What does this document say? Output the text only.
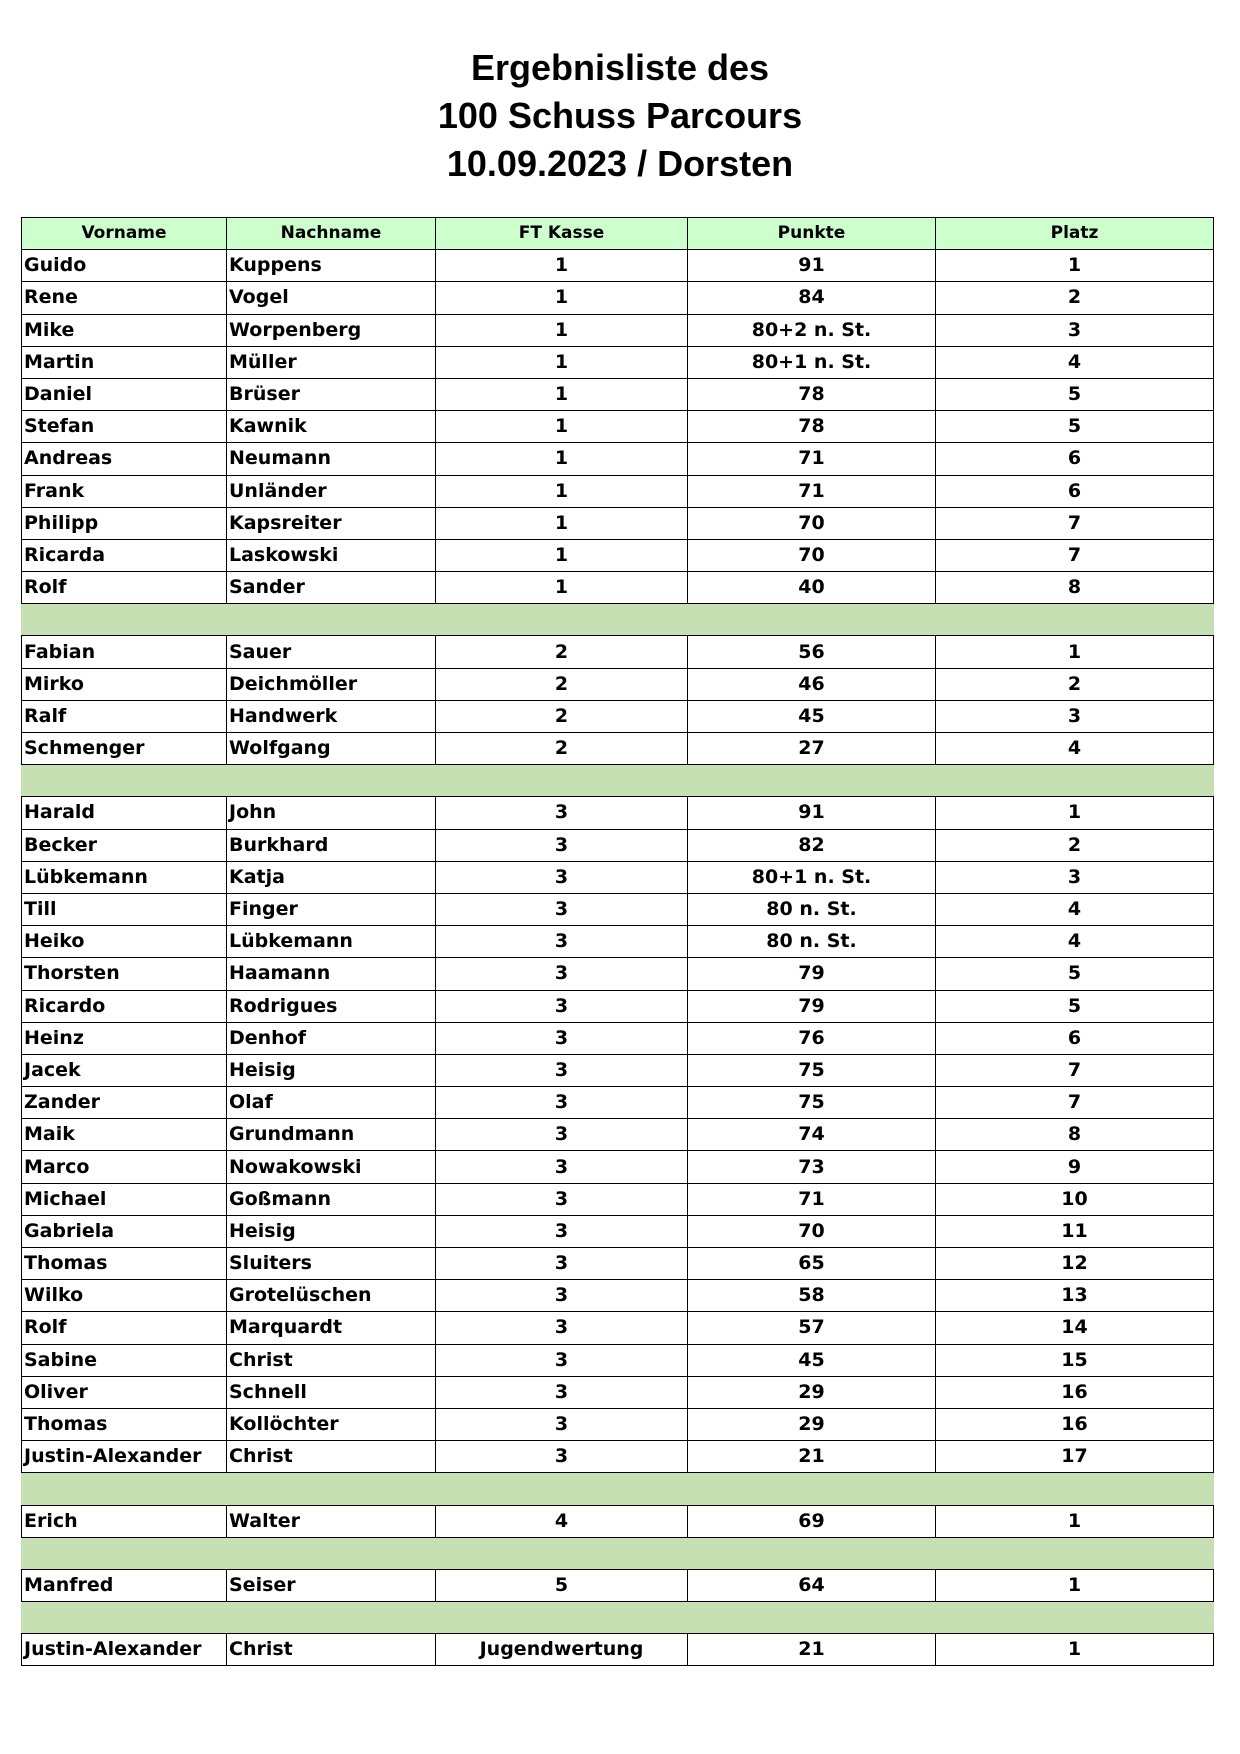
Ergebnisliste des
100 Schuss Parcours
10.09.2023 / Dorsten
Vorname	Nachname	FT Kasse	Punkte	Platz
Guido	Kuppens	1	91	1
Rene	Vogel	1	84	2
Mike	Worpenberg	1	80+2 n. St.	3
Martin	Müller	1	80+1 n. St.	4
Daniel	Brüser	1	78	5
Stefan	Kawnik	1	78	5
Andreas	Neumann	1	71	6
Frank	Unländer	1	71	6
Philipp	Kapsreiter	1	70	7
Ricarda	Laskowski	1	70	7
Rolf	Sander	1	40	8

Fabian	Sauer	2	56	1
Mirko	Deichmöller	2	46	2
Ralf	Handwerk	2	45	3
Schmenger	Wolfgang	2	27	4

Harald	John	3	91	1
Becker	Burkhard	3	82	2
Lübkemann	Katja	3	80+1 n. St.	3
Till	Finger	3	80 n. St.	4
Heiko	Lübkemann	3	80 n. St.	4
Thorsten	Haamann	3	79	5
Ricardo	Rodrigues	3	79	5
Heinz	Denhof	3	76	6
Jacek	Heisig	3	75	7
Zander	Olaf	3	75	7
Maik	Grundmann	3	74	8
Marco	Nowakowski	3	73	9
Michael	Goßmann	3	71	10
Gabriela	Heisig	3	70	11
Thomas	Sluiters	3	65	12
Wilko	Grotelüschen	3	58	13
Rolf	Marquardt	3	57	14
Sabine	Christ	3	45	15
Oliver	Schnell	3	29	16
Thomas	Kollöchter	3	29	16
Justin-Alexander	Christ	3	21	17

Erich	Walter	4	69	1

Manfred	Seiser	5	64	1

Justin-Alexander	Christ	Jugendwertung	21	1
